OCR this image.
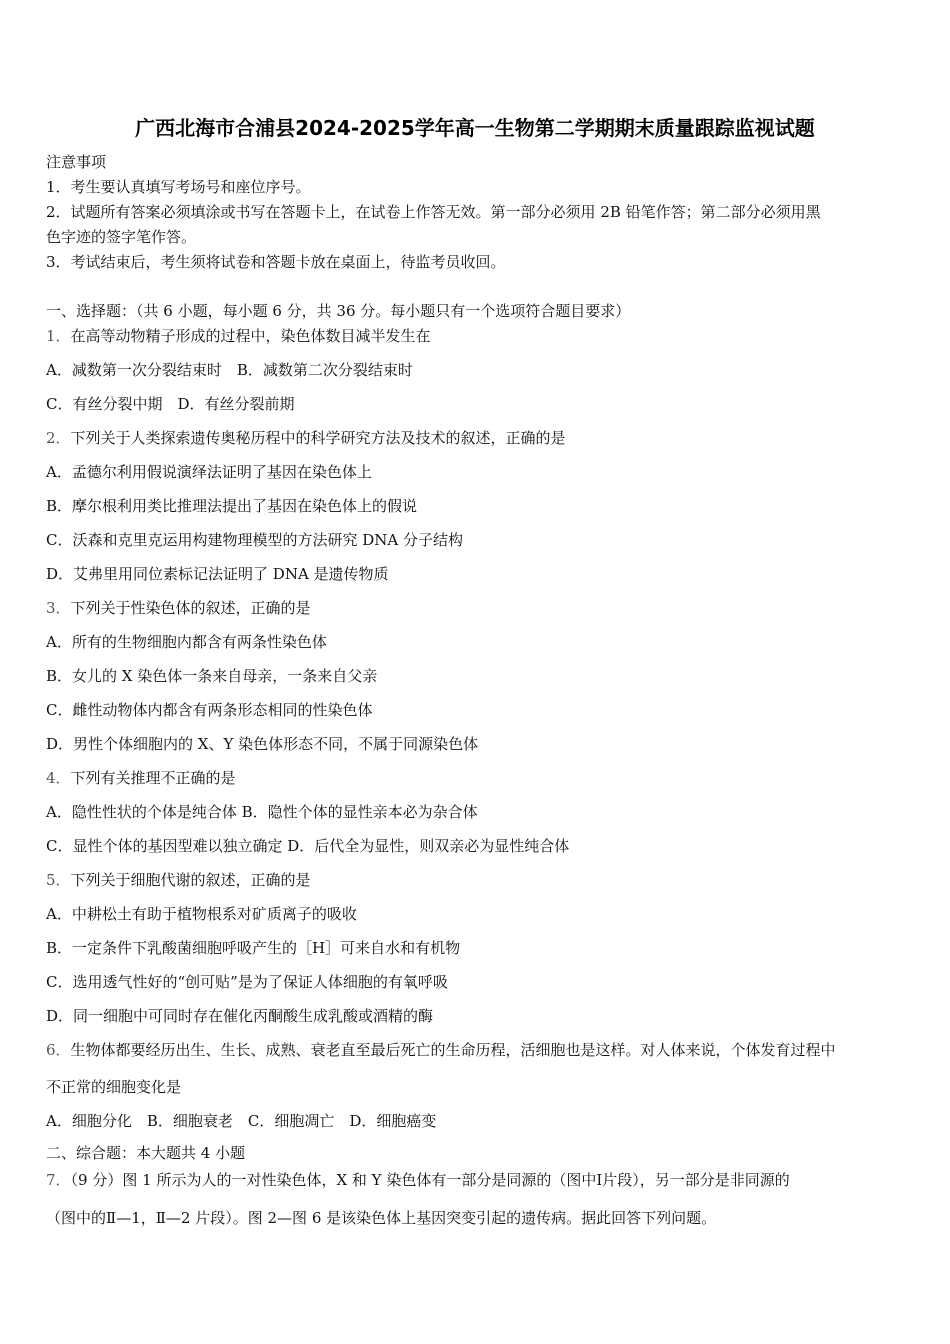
广西北海市合浦县2024-2025学年高一生物第二学期期末质量跟踪监视试题
注意事项
1．考生要认真填写考场号和座位序号。
2．试题所有答案必须填涂或书写在答题卡上，在试卷上作答无效。第一部分必须用 2B 铅笔作答；第二部分必须用黑
色字迹的签字笔作答。
3．考试结束后，考生须将试卷和答题卡放在桌面上，待监考员收回。
一、选择题：（共 6 小题，每小题 6 分，共 36 分。每小题只有一个选项符合题目要求）
1．在高等动物精子形成的过程中，染色体数目减半发生在
A．减数第一次分裂结束时　B．减数第二次分裂结束时
C．有丝分裂中期　D．有丝分裂前期
2．下列关于人类探索遗传奥秘历程中的科学研究方法及技术的叙述，正确的是
A．孟德尔利用假说演绎法证明了基因在染色体上
B．摩尔根利用类比推理法提出了基因在染色体上的假说
C．沃森和克里克运用构建物理模型的方法研究 DNA 分子结构
D．艾弗里用同位素标记法证明了 DNA 是遗传物质
3．下列关于性染色体的叙述，正确的是
A．所有的生物细胞内都含有两条性染色体
B．女儿的 X 染色体一条来自母亲，一条来自父亲
C．雌性动物体内都含有两条形态相同的性染色体
D．男性个体细胞内的 X、Y 染色体形态不同，不属于同源染色体
4．下列有关推理不正确的是
A．隐性性状的个体是纯合体 B．隐性个体的显性亲本必为杂合体
C．显性个体的基因型难以独立确定 D．后代全为显性，则双亲必为显性纯合体
5．下列关于细胞代谢的叙述，正确的是
A．中耕松土有助于植物根系对矿质离子的吸收
B．一定条件下乳酸菌细胞呼吸产生的［H］可来自水和有机物
C．选用透气性好的“创可贴”是为了保证人体细胞的有氧呼吸
D．同一细胞中可同时存在催化丙酮酸生成乳酸或酒精的酶
6．生物体都要经历出生、生长、成熟、衰老直至最后死亡的生命历程，活细胞也是这样。对人体来说，个体发育过程中
不正常的细胞变化是
A．细胞分化　B．细胞衰老　C．细胞凋亡　D．细胞癌变
二、综合题：本大题共 4 小题
7．（9 分）图 1 所示为人的一对性染色体，X 和 Y 染色体有一部分是同源的（图中Ⅰ片段），另一部分是非同源的
（图中的Ⅱ—1，Ⅱ—2 片段）。图 2—图 6 是该染色体上基因突变引起的遗传病。据此回答下列问题。
